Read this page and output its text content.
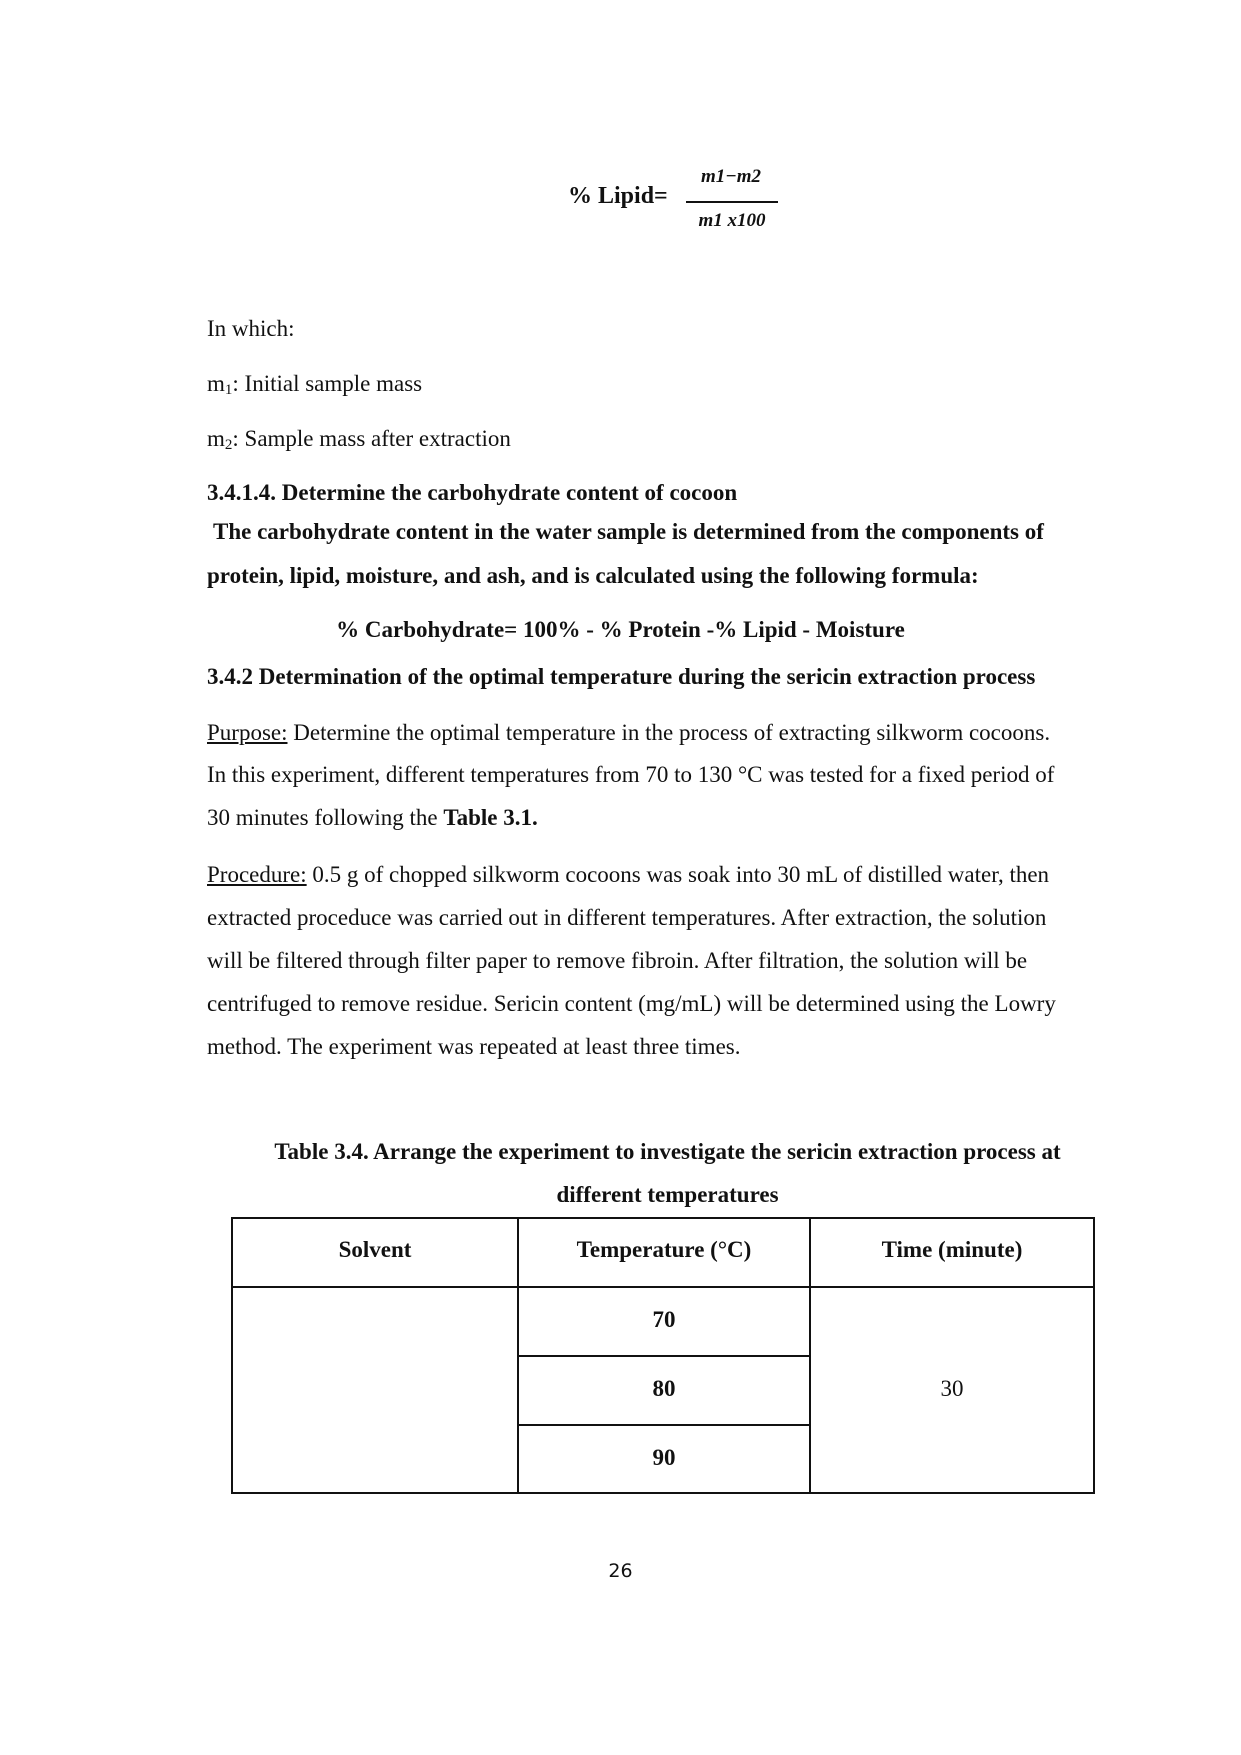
% Lipid=
m1−m2
m1 x100
In which:
$m_1$: Initial sample mass
$m_2$: Sample mass after extraction
3.4.1.4. Determine the carbohydrate content of cocoon
The carbohydrate content in the water sample is determined from the components of
protein, lipid, moisture, and ash, and is calculated using the following formula:
% Carbohydrate= 100% - % Protein -% Lipid - Moisture
3.4.2 Determination of the optimal temperature during the sericin extraction process
Purpose: Determine the optimal temperature in the process of extracting silkworm cocoons.
In this experiment, different temperatures from 70 to 130 °C was tested for a fixed period of
30 minutes following the Table 3.1.
Procedure: 0.5 g of chopped silkworm cocoons was soak into 30 mL of distilled water, then
extracted proceduce was carried out in different temperatures. After extraction, the solution
will be filtered through filter paper to remove fibroin. After filtration, the solution will be
centrifuged to remove residue. Sericin content (mg/mL) will be determined using the Lowry
method. The experiment was repeated at least three times.
Table 3.4. Arrange the experiment to investigate the sericin extraction process at
different temperatures
Solvent	Temperature (°C)	Time (minute)
70
80
90
30
26
